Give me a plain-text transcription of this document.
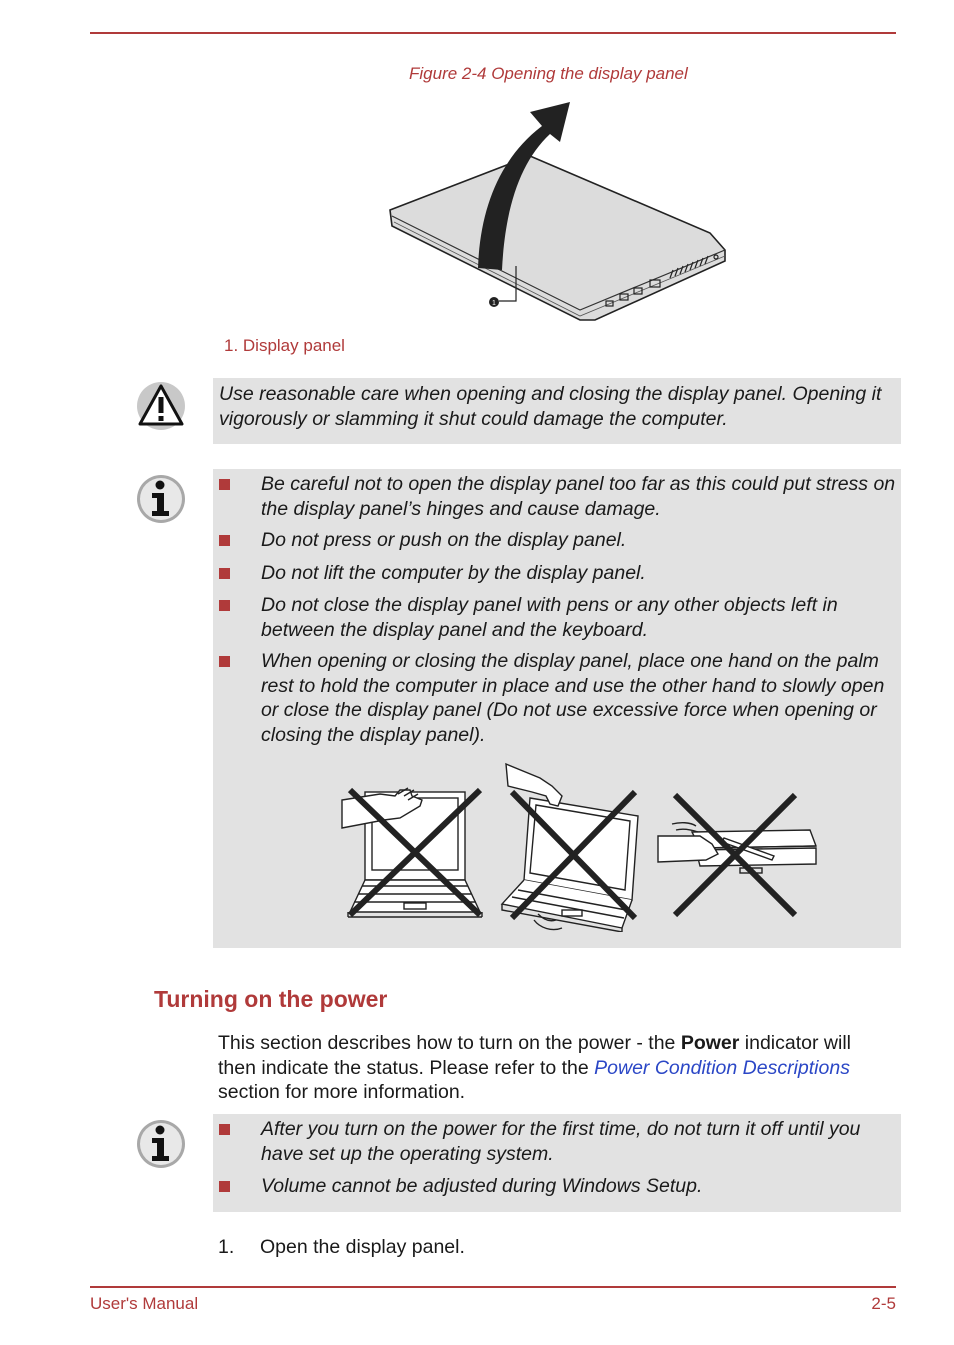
Figure 2-4 Opening the display panel
1
1. Display panel
Use reasonable care when opening and closing the display panel. Opening it vigorously or slamming it shut could damage the computer.
Be careful not to open the display panel too far as this could put stress on the display panel’s hinges and cause damage.
Do not press or push on the display panel.
Do not lift the computer by the display panel.
Do not close the display panel with pens or any other objects left in between the display panel and the keyboard.
When opening or closing the display panel, place one hand on the palm rest to hold the computer in place and use the other hand to slowly open or close the display panel (Do not use excessive force when opening or closing the display panel).
Turning on the power
This section describes how to turn on the power - the Power indicator will then indicate the status. Please refer to the Power Condition Descriptions section for more information.
After you turn on the power for the first time, do not turn it off until you have set up the operating system.
Volume cannot be adjusted during Windows Setup.
1. Open the display panel.
User's Manual	2-5
